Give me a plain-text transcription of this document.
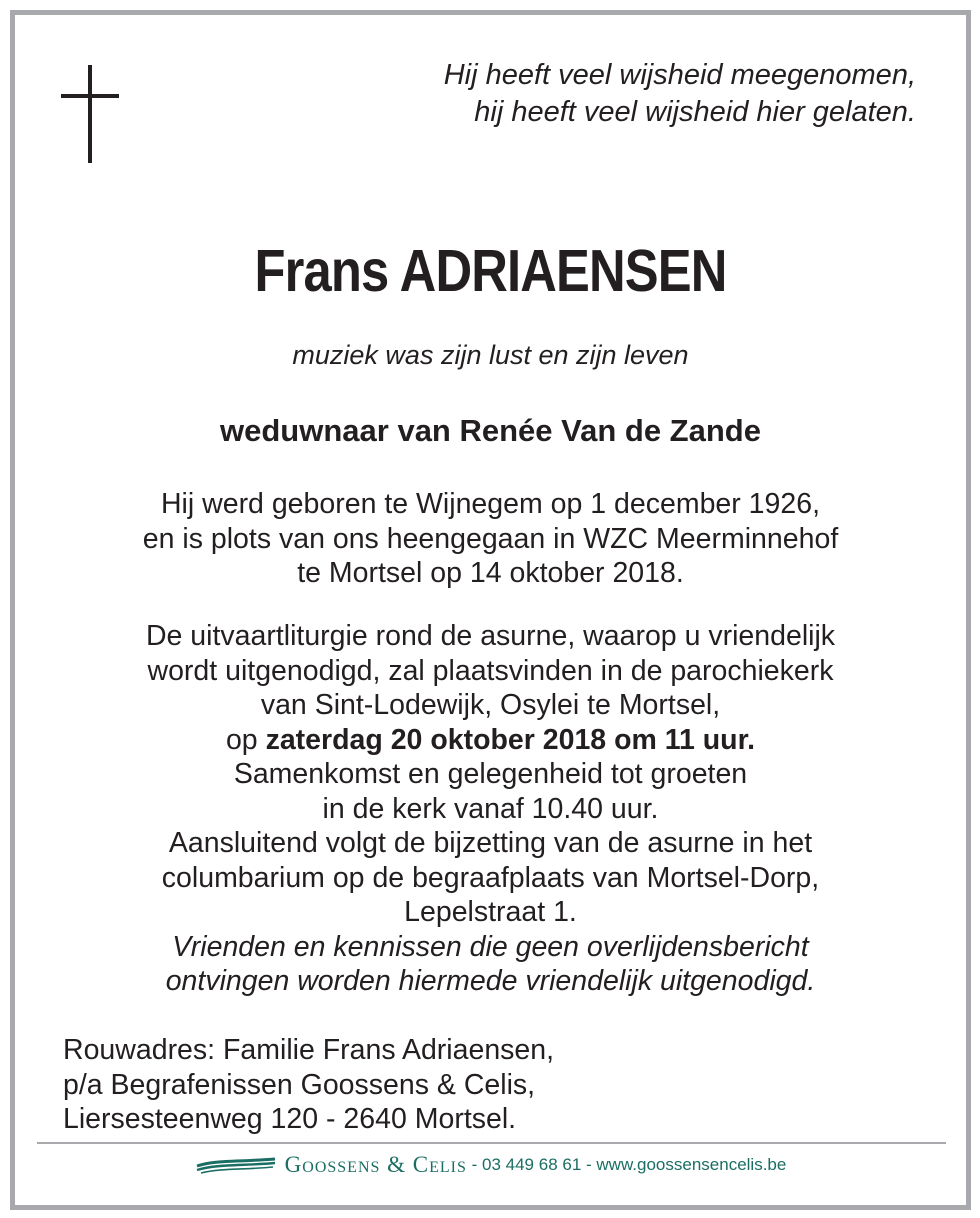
Hij heeft veel wijsheid meegenomen,
hij heeft veel wijsheid hier gelaten.
Frans ADRIAENSEN
muziek was zijn lust en zijn leven
weduwnaar van Renée Van de Zande
Hij werd geboren te Wijnegem op 1 december 1926,
en is plots van ons heengegaan in WZC Meerminnehof
te Mortsel op 14 oktober 2018.
De uitvaartliturgie rond de asurne, waarop u vriendelijk
wordt uitgenodigd, zal plaatsvinden in de parochiekerk
van Sint-Lodewijk, Osylei te Mortsel,
op zaterdag 20 oktober 2018 om 11 uur.
Samenkomst en gelegenheid tot groeten
in de kerk vanaf 10.40 uur.
Aansluitend volgt de bijzetting van de asurne in het
columbarium op de begraafplaats van Mortsel-Dorp,
Lepelstraat 1.
Vrienden en kennissen die geen overlijdensbericht
ontvingen worden hiermede vriendelijk uitgenodigd.
Rouwadres: Familie Frans Adriaensen,
p/a Begrafenissen Goossens & Celis,
Liersesteenweg 120 - 2640 Mortsel.
Goossens & Celis - 03 449 68 61 - www.goossensencelis.be
